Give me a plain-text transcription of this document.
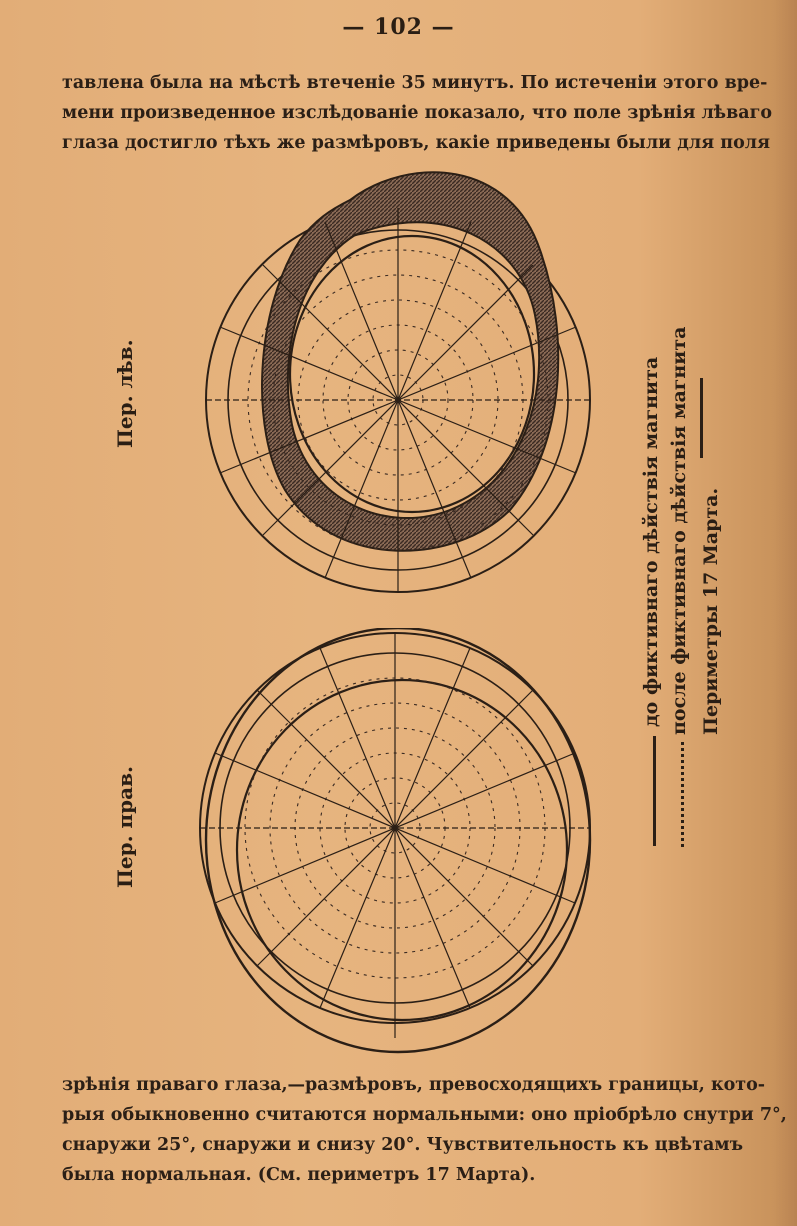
— 102 —

тавлена была на мѣстѣ втеченіе 35 минутъ. По истеченіи этого вре-

мени произведенное изслѣдованіе показало, что поле зрѣнія лѣваго

глаза достигло тѣхъ же размѣровъ, какіе приведены были для поля

Пер. лѣв.
Пер. прав.
до фиктивнаго дѣйствія магнита после фиктивнаго дѣйствія магнита Периметры 17 Марта.

зрѣнія праваго глаза,—размѣровъ, превосходящихъ границы, кото-

рыя обыкновенно считаются нормальными: оно пріобрѣло снутри 7°,

снаружи 25°, снаружи и снизу 20°. Чувствительность къ цвѣтамъ

была нормальная. (См. периметръ 17 Марта).
